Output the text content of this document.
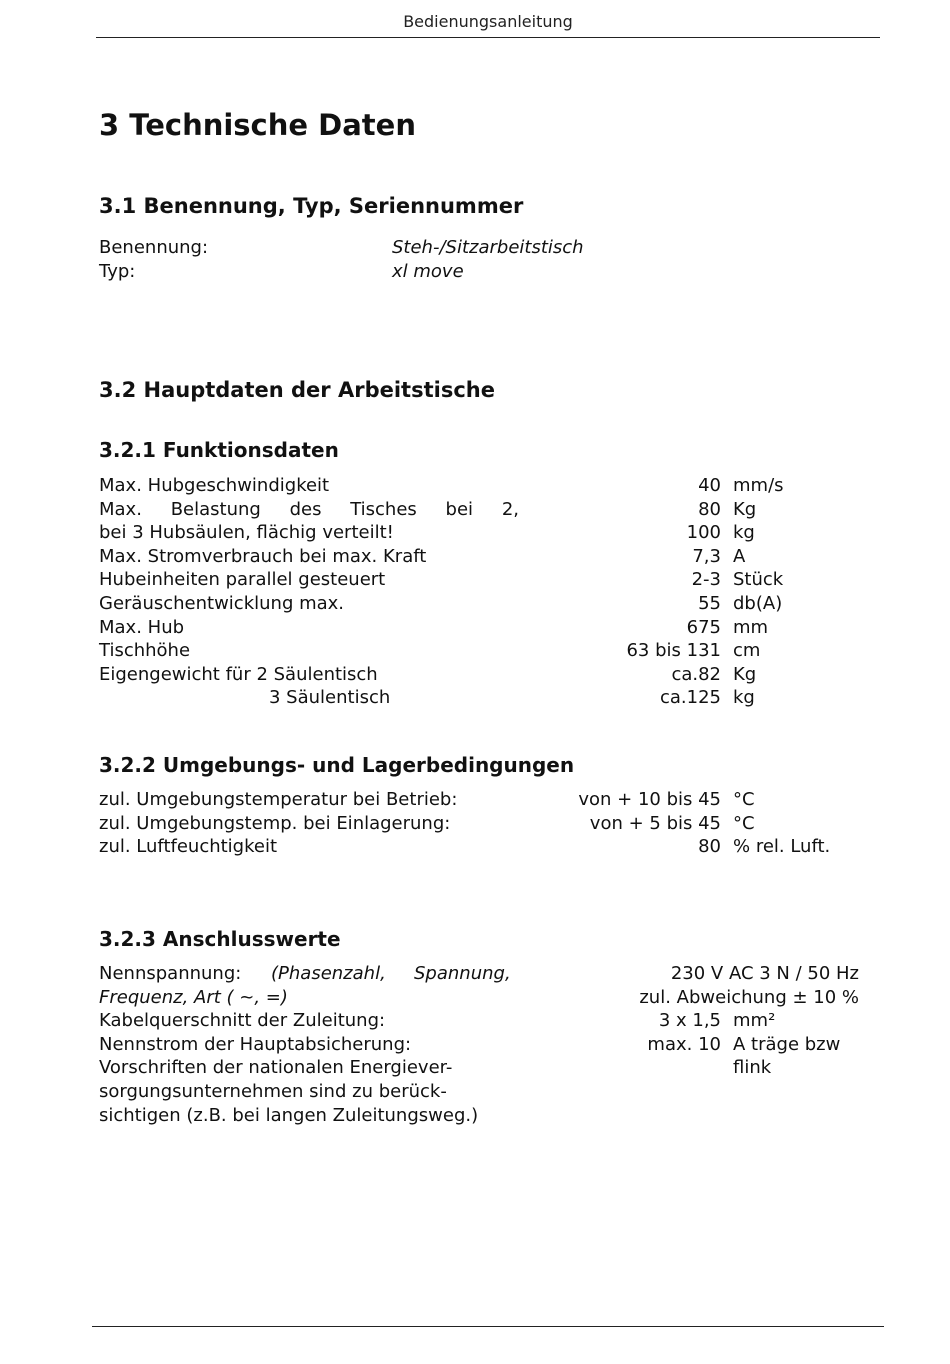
Bedienungsanleitung
3 Technische Daten
3.1 Benennung, Typ, Seriennummer
Benennung:	Steh-/Sitzarbeitstisch
Typ:	xl move
3.2 Hauptdaten der Arbeitstische
3.2.1 Funktionsdaten
Max. Hubgeschwindigkeit	40 mm/s
Max. Belastung des Tisches bei 2,	80 Kg
bei 3 Hubsäulen, flächig verteilt!	100 kg
Max. Stromverbrauch bei max. Kraft	7,3 A
Hubeinheiten parallel gesteuert	2-3 Stück
Geräuschentwicklung max.	55 db(A)
Max. Hub	675 mm
Tischhöhe	63 bis 131 cm
Eigengewicht für 2 Säulentisch	ca.82 Kg
3 Säulentisch	ca.125 kg
3.2.2 Umgebungs- und Lagerbedingungen
zul. Umgebungstemperatur bei Betrieb:	von + 10 bis 45 °C
zul. Umgebungstemp. bei Einlagerung:	von + 5 bis 45 °C
zul. Luftfeuchtigkeit	80 % rel. Luft.
3.2.3 Anschlusswerte
Nennspannung: (Phasenzahl, Spannung,	230 V AC 3 N / 50 Hz
Frequenz, Art ( ~, =)	zul. Abweichung ± 10 %
Kabelquerschnitt der Zuleitung:	3 x 1,5 mm²
Nennstrom der Hauptabsicherung:	max. 10 A träge bzw
Vorschriften der nationalen Energiever-	flink
sorgungsunternehmen sind zu berück-
sichtigen (z.B. bei langen Zuleitungsweg.)
